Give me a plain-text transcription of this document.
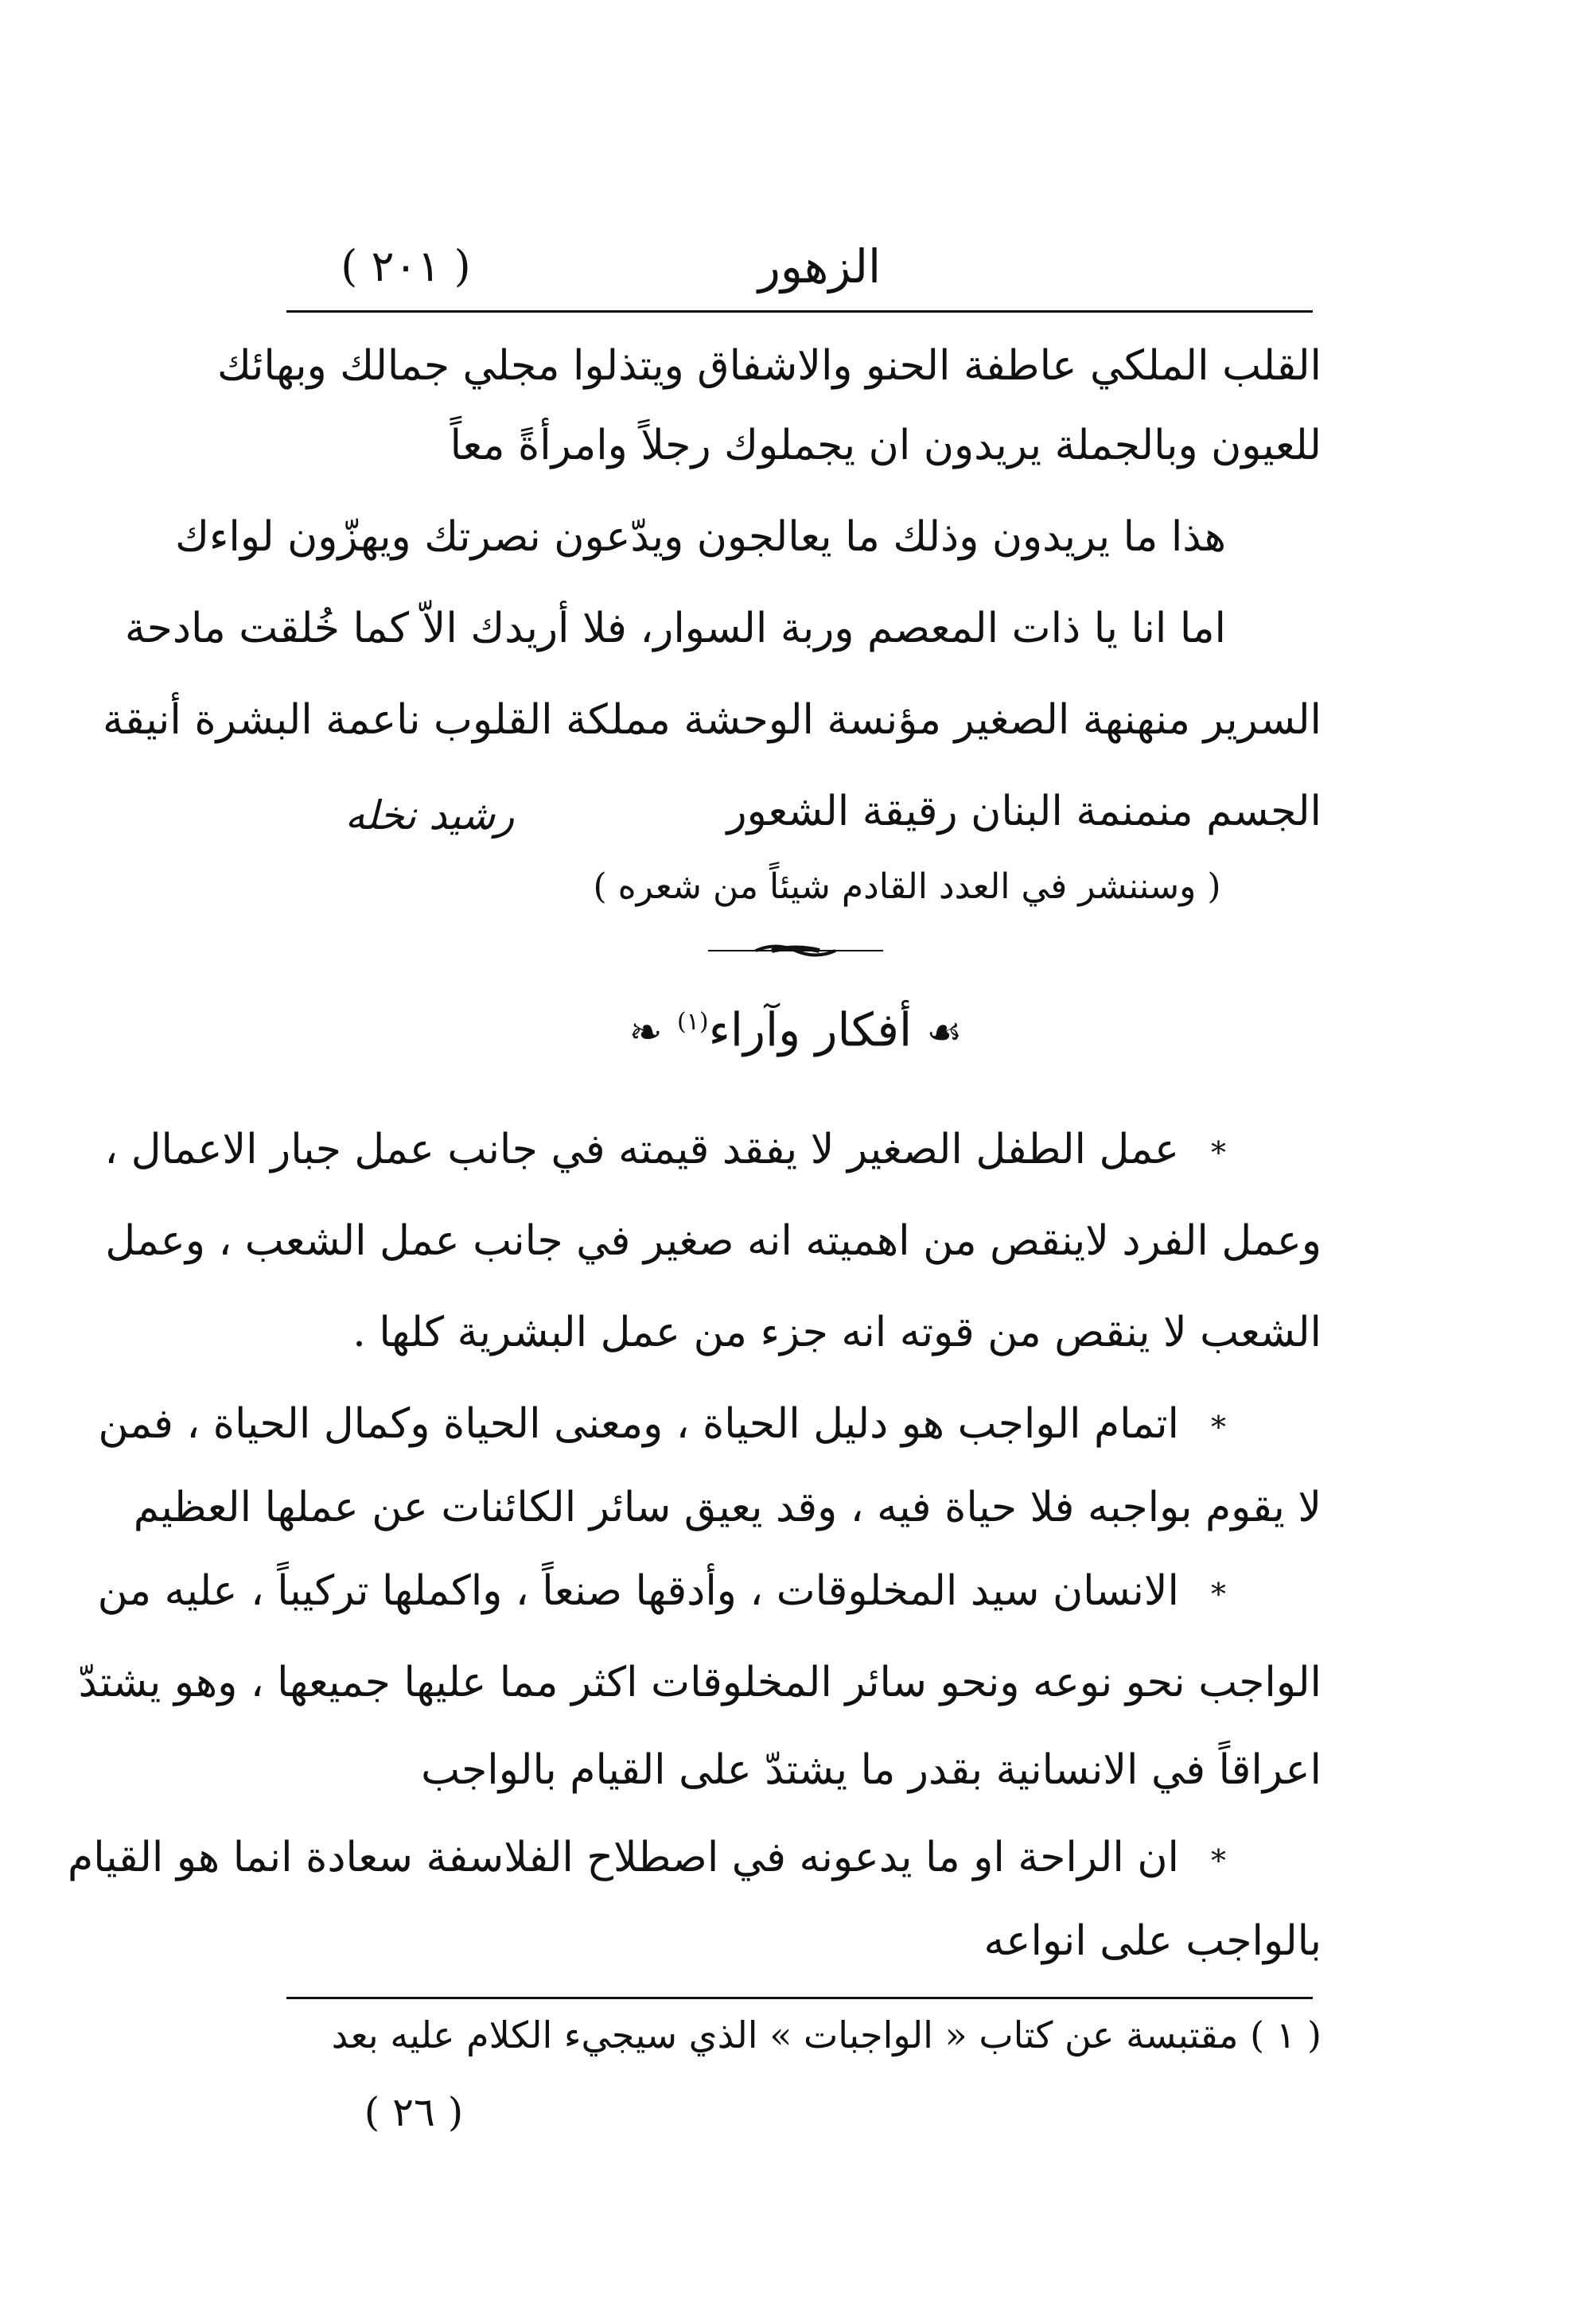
الزهور
( ٢٠١ )
القلب الملكي عاطفة الحنو والاشفاق ويتذلوا مجلي جمالك وبهائك
للعيون وبالجملة يريدون ان يجملوك رجلاً وامرأةً معاً
هذا ما يريدون وذلك ما يعالجون ويدّعون نصرتك ويهزّون لواءك
اما انا يا ذات المعصم وربة السوار، فلا أريدك الاّ كما خُلقت مادحة
السرير منهنهة الصغير مؤنسة الوحشة مملكة القلوب ناعمة البشرة أنيقة
الجسم منمنمة البنان رقيقة الشعور
رشيد نخله
( وسننشر في العدد القادم شيئاً من شعره )
☙ أفكار وآراء$^{(١)}$ ❧
*عمل الطفل الصغير لا يفقد قيمته في جانب عمل جبار الاعمال ،
وعمل الفرد لاينقص من اهميته انه صغير في جانب عمل الشعب ، وعمل
الشعب لا ينقص من قوته انه جزء من عمل البشرية كلها .
*اتمام الواجب هو دليل الحياة ، ومعنى الحياة وكمال الحياة ، فمن
لا يقوم بواجبه فلا حياة فيه ، وقد يعيق سائر الكائنات عن عملها العظيم
*الانسان سيد المخلوقات ، وأدقها صنعاً ، واكملها تركيباً ، عليه من
الواجب نحو نوعه ونحو سائر المخلوقات اكثر مما عليها جميعها ، وهو يشتدّ
اعراقاً في الانسانية بقدر ما يشتدّ على القيام بالواجب
*ان الراحة او ما يدعونه في اصطلاح الفلاسفة سعادة انما هو القيام
بالواجب على انواعه
( ١ ) مقتبسة عن كتاب « الواجبات » الذي سيجيء الكلام عليه بعد
( ٢٦ )
